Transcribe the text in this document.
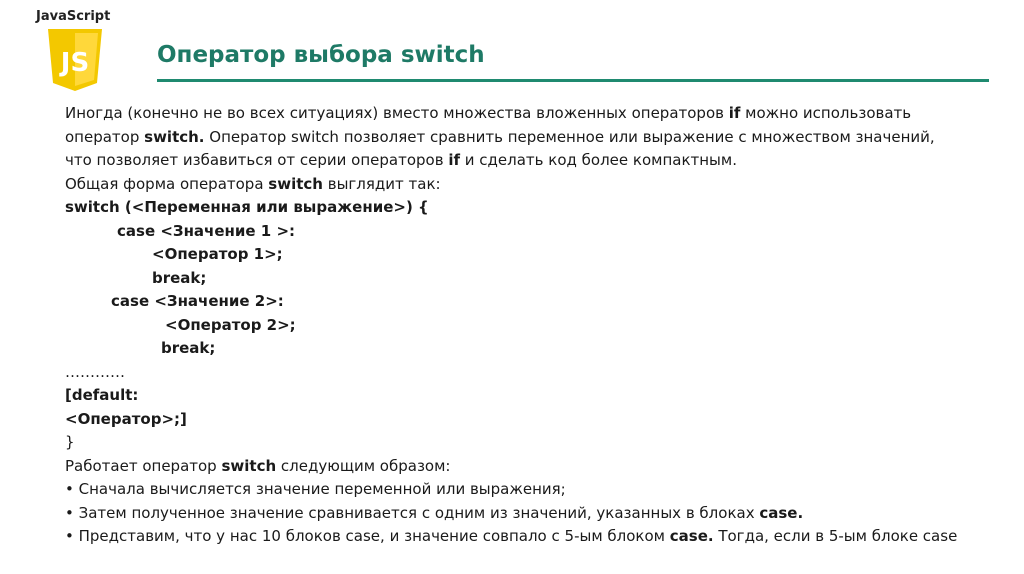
JavaScript
JS	Оператор выбора switch
Иногда (конечно не во всех ситуациях) вместо множества вложенных операторов if можно использовать
оператор switch. Оператор switch позволяет сравнить переменное или выражение с множеством значений,
что позволяет избавиться от серии операторов if и сделать код более компактным.
Общая форма оператора switch выглядит так:
switch (<Переменная или выражение>) {
case <Значение 1 >:
<Оператор 1>;
break;
case <Значение 2>:
<Оператор 2>;
break;
…………
[default:
<Оператор>;]
}
Работает оператор switch следующим образом:
• Сначала вычисляется значение переменной или выражения;
• Затем полученное значение сравнивается с одним из значений, указанных в блоках case.
• Представим, что у нас 10 блоков case, и значение совпало с 5-ым блоком case. Тогда, если в 5-ым блоке case
